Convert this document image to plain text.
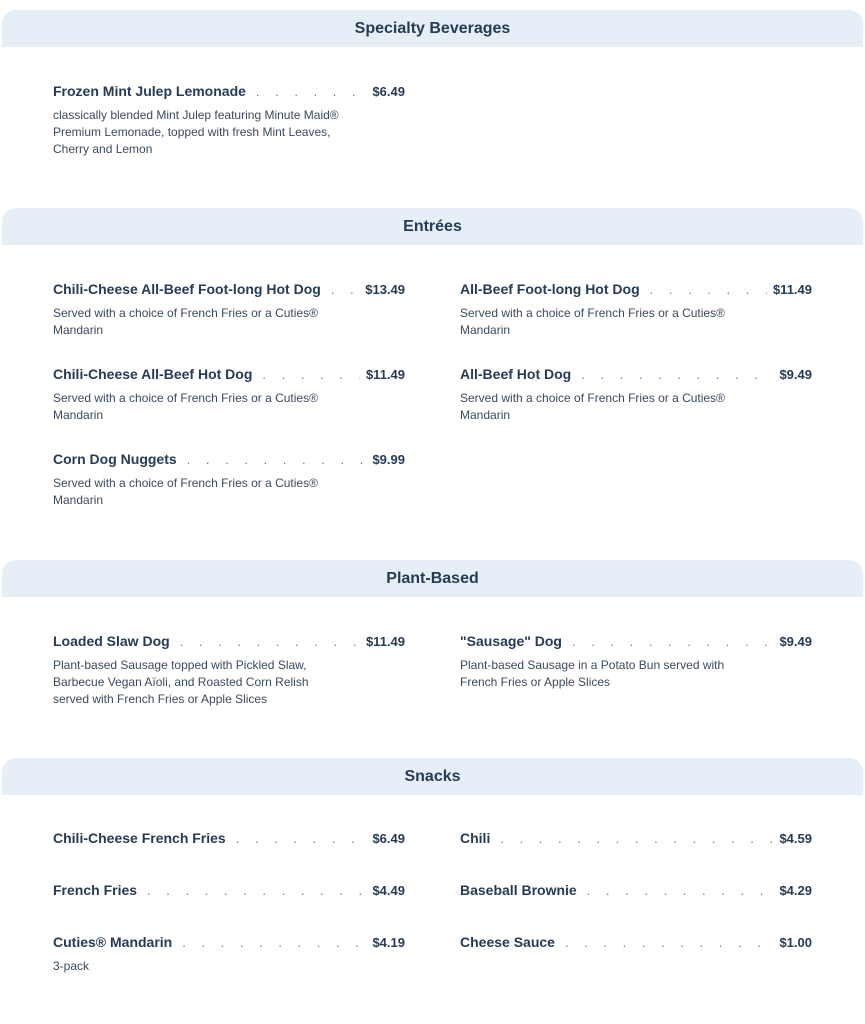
Specialty Beverages
Frozen Mint Julep Lemonade . . .	$6.49
classically blended Mint Julep featuring Minute Maid® Premium Lemonade, topped with fresh Mint Leaves, Cherry and Lemon
Entrées
Chili-Cheese All-Beef Foot-long Hot Dog . . .	$13.49
Served with a choice of French Fries or a Cuties® Mandarin
All-Beef Foot-long Hot Dog . . .	$11.49
Served with a choice of French Fries or a Cuties® Mandarin
Chili-Cheese All-Beef Hot Dog . . .	$11.49
Served with a choice of French Fries or a Cuties® Mandarin
All-Beef Hot Dog . . .	$9.49
Served with a choice of French Fries or a Cuties® Mandarin
Corn Dog Nuggets . . .	$9.99
Served with a choice of French Fries or a Cuties® Mandarin
Plant-Based
Loaded Slaw Dog . . .	$11.49
Plant-based Sausage topped with Pickled Slaw, Barbecue Vegan Aïoli, and Roasted Corn Relish served with French Fries or Apple Slices
"Sausage" Dog . . .	$9.49
Plant-based Sausage in a Potato Bun served with French Fries or Apple Slices
Snacks
Chili-Cheese French Fries . . .	$6.49	Chili . . .	$4.59
French Fries . . .	$4.49	Baseball Brownie . . .	$4.29
Cuties® Mandarin . . .	$4.19
3-pack
Cheese Sauce . . .	$1.00
